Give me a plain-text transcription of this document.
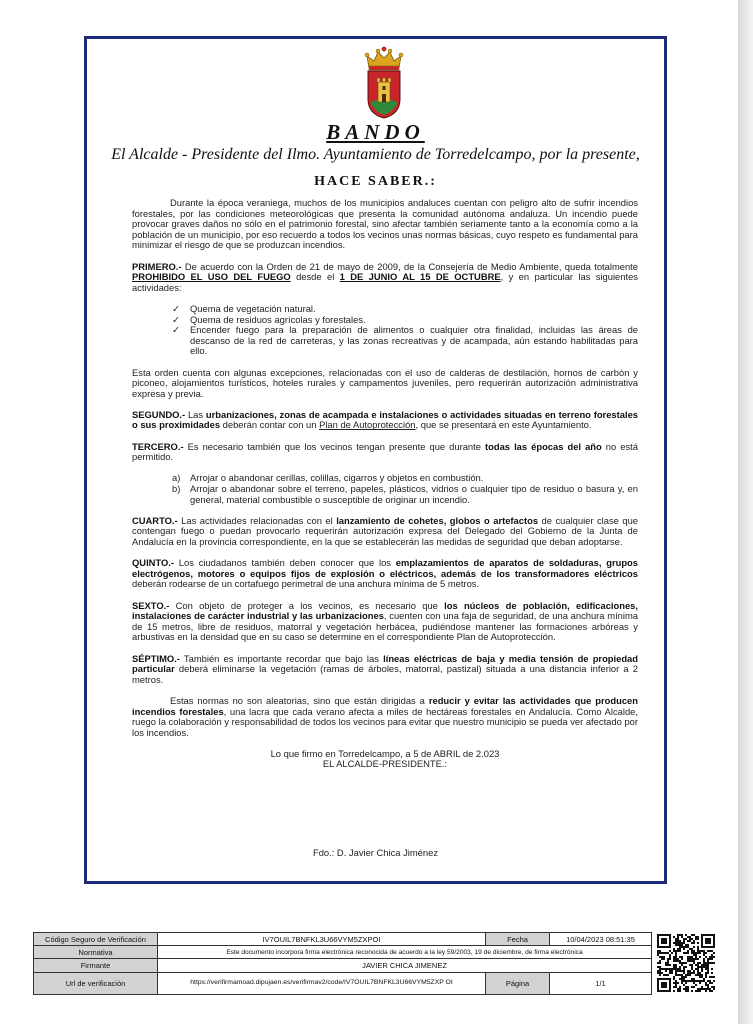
BANDO
El Alcalde - Presidente del Ilmo. Ayuntamiento de Torredelcampo, por la presente,
HACE SABER.:

Durante la época veraniega, muchos de los municipios andaluces cuentan con peligro alto de sufrir incendios forestales, por las condiciones meteorológicas que presenta la comunidad autónoma andaluza. Un incendio puede provocar graves daños no sólo en el patrimonio forestal, sino afectar también seriamente tanto a la economía como a la población de un municipio, por eso recuerdo a todos los vecinos unas normas básicas, cuyo respeto es fundamental para minimizar el riesgo de que se produzcan incendios.

PRIMERO.- De acuerdo con la Orden de 21 de mayo de 2009, de la Consejería de Medio Ambiente, queda totalmente PROHIBIDO EL USO DEL FUEGO desde el 1 DE JUNIO AL 15 DE OCTUBRE, y en particular las siguientes actividades:

✓ Quema de vegetación natural.
✓ Quema de residuos agrícolas y forestales.
✓ Encender fuego para la preparación de alimentos o cualquier otra finalidad, incluidas las áreas de descanso de la red de carreteras, y las zonas recreativas y de acampada, aún estando habilitadas para ello.

Esta orden cuenta con algunas excepciones, relacionadas con el uso de calderas de destilación, hornos de carbón y piconeo, alojamientos turísticos, hoteles rurales y campamentos juveniles, pero requerirán autorización administrativa expresa y previa.

SEGUNDO.- Las urbanizaciones, zonas de acampada e instalaciones o actividades situadas en terreno forestales o sus proximidades deberán contar con un Plan de Autoprotección, que se presentará en este Ayuntamiento.

TERCERO.- Es necesario también que los vecinos tengan presente que durante todas las épocas del año no está permitido.

a) Arrojar o abandonar cerillas, colillas, cigarros y objetos en combustión.
b) Arrojar o abandonar sobre el terreno, papeles, plásticos, vidrios o cualquier tipo de residuo o basura y, en general, material combustible o susceptible de originar un incendio.

CUARTO.- Las actividades relacionadas con el lanzamiento de cohetes, globos o artefactos de cualquier clase que contengan fuego o puedan provocarlo requerirán autorización expresa del Delegado del Gobierno de la Junta de Andalucía en la provincia correspondiente, en la que se establecerán las medidas de seguridad que deban adoptarse.

QUINTO.- Los ciudadanos también deben conocer que los emplazamientos de aparatos de soldaduras, grupos electrógenos, motores o equipos fijos de explosión o eléctricos, además de los transformadores eléctricos deberán rodearse de un cortafuego perimetral de una anchura mínima de 5 metros.

SEXTO.- Con objeto de proteger a los vecinos, es necesario que los núcleos de población, edificaciones, instalaciones de carácter industrial y las urbanizaciones, cuenten con una faja de seguridad, de una anchura mínima de 15 metros, libre de residuos, matorral y vegetación herbácea, pudiéndose mantener las formaciones arbóreas y arbustivas en la densidad que en su caso se determine en el correspondiente Plan de Autoprotección.

SÉPTIMO.- También es importante recordar que bajo las líneas eléctricas de baja y media tensión de propiedad particular deberá eliminarse la vegetación (ramas de árboles, matorral, pastizal) situada a una distancia inferior a 2 metros.

Estas normas no son aleatorias, sino que están dirigidas a reducir y evitar las actividades que producen incendios forestales, una lacra que cada verano afecta a miles de hectáreas forestales en Andalucía. Como Alcalde, ruego la colaboración y responsabilidad de todos los vecinos para evitar que nuestro municipio se pueda ver afectado por los incendios.

Lo que firmo en Torredelcampo, a 5 de ABRIL de 2.023
EL ALCALDE-PRESIDENTE.:
Fdo.: D. Javier Chica Jiménez
Código Seguro de Verificación	IV7OUIL7BNFKL3U66VYM5ZXPOI	Fecha	10/04/2023 08:51:35
Normativa	Este documento incorpora firma electrónica reconocida de acuerdo a la ley 59/2003, 19 de diciembre, de firma electrónica		
Firmante	JAVIER CHICA JIMENEZ		
Url de verificación	https://verifirmamoad.dipujaen.es/verifirmav2/code/IV7OUIL7BNFKL3U66VYM5ZXP OI	Página	1/1
